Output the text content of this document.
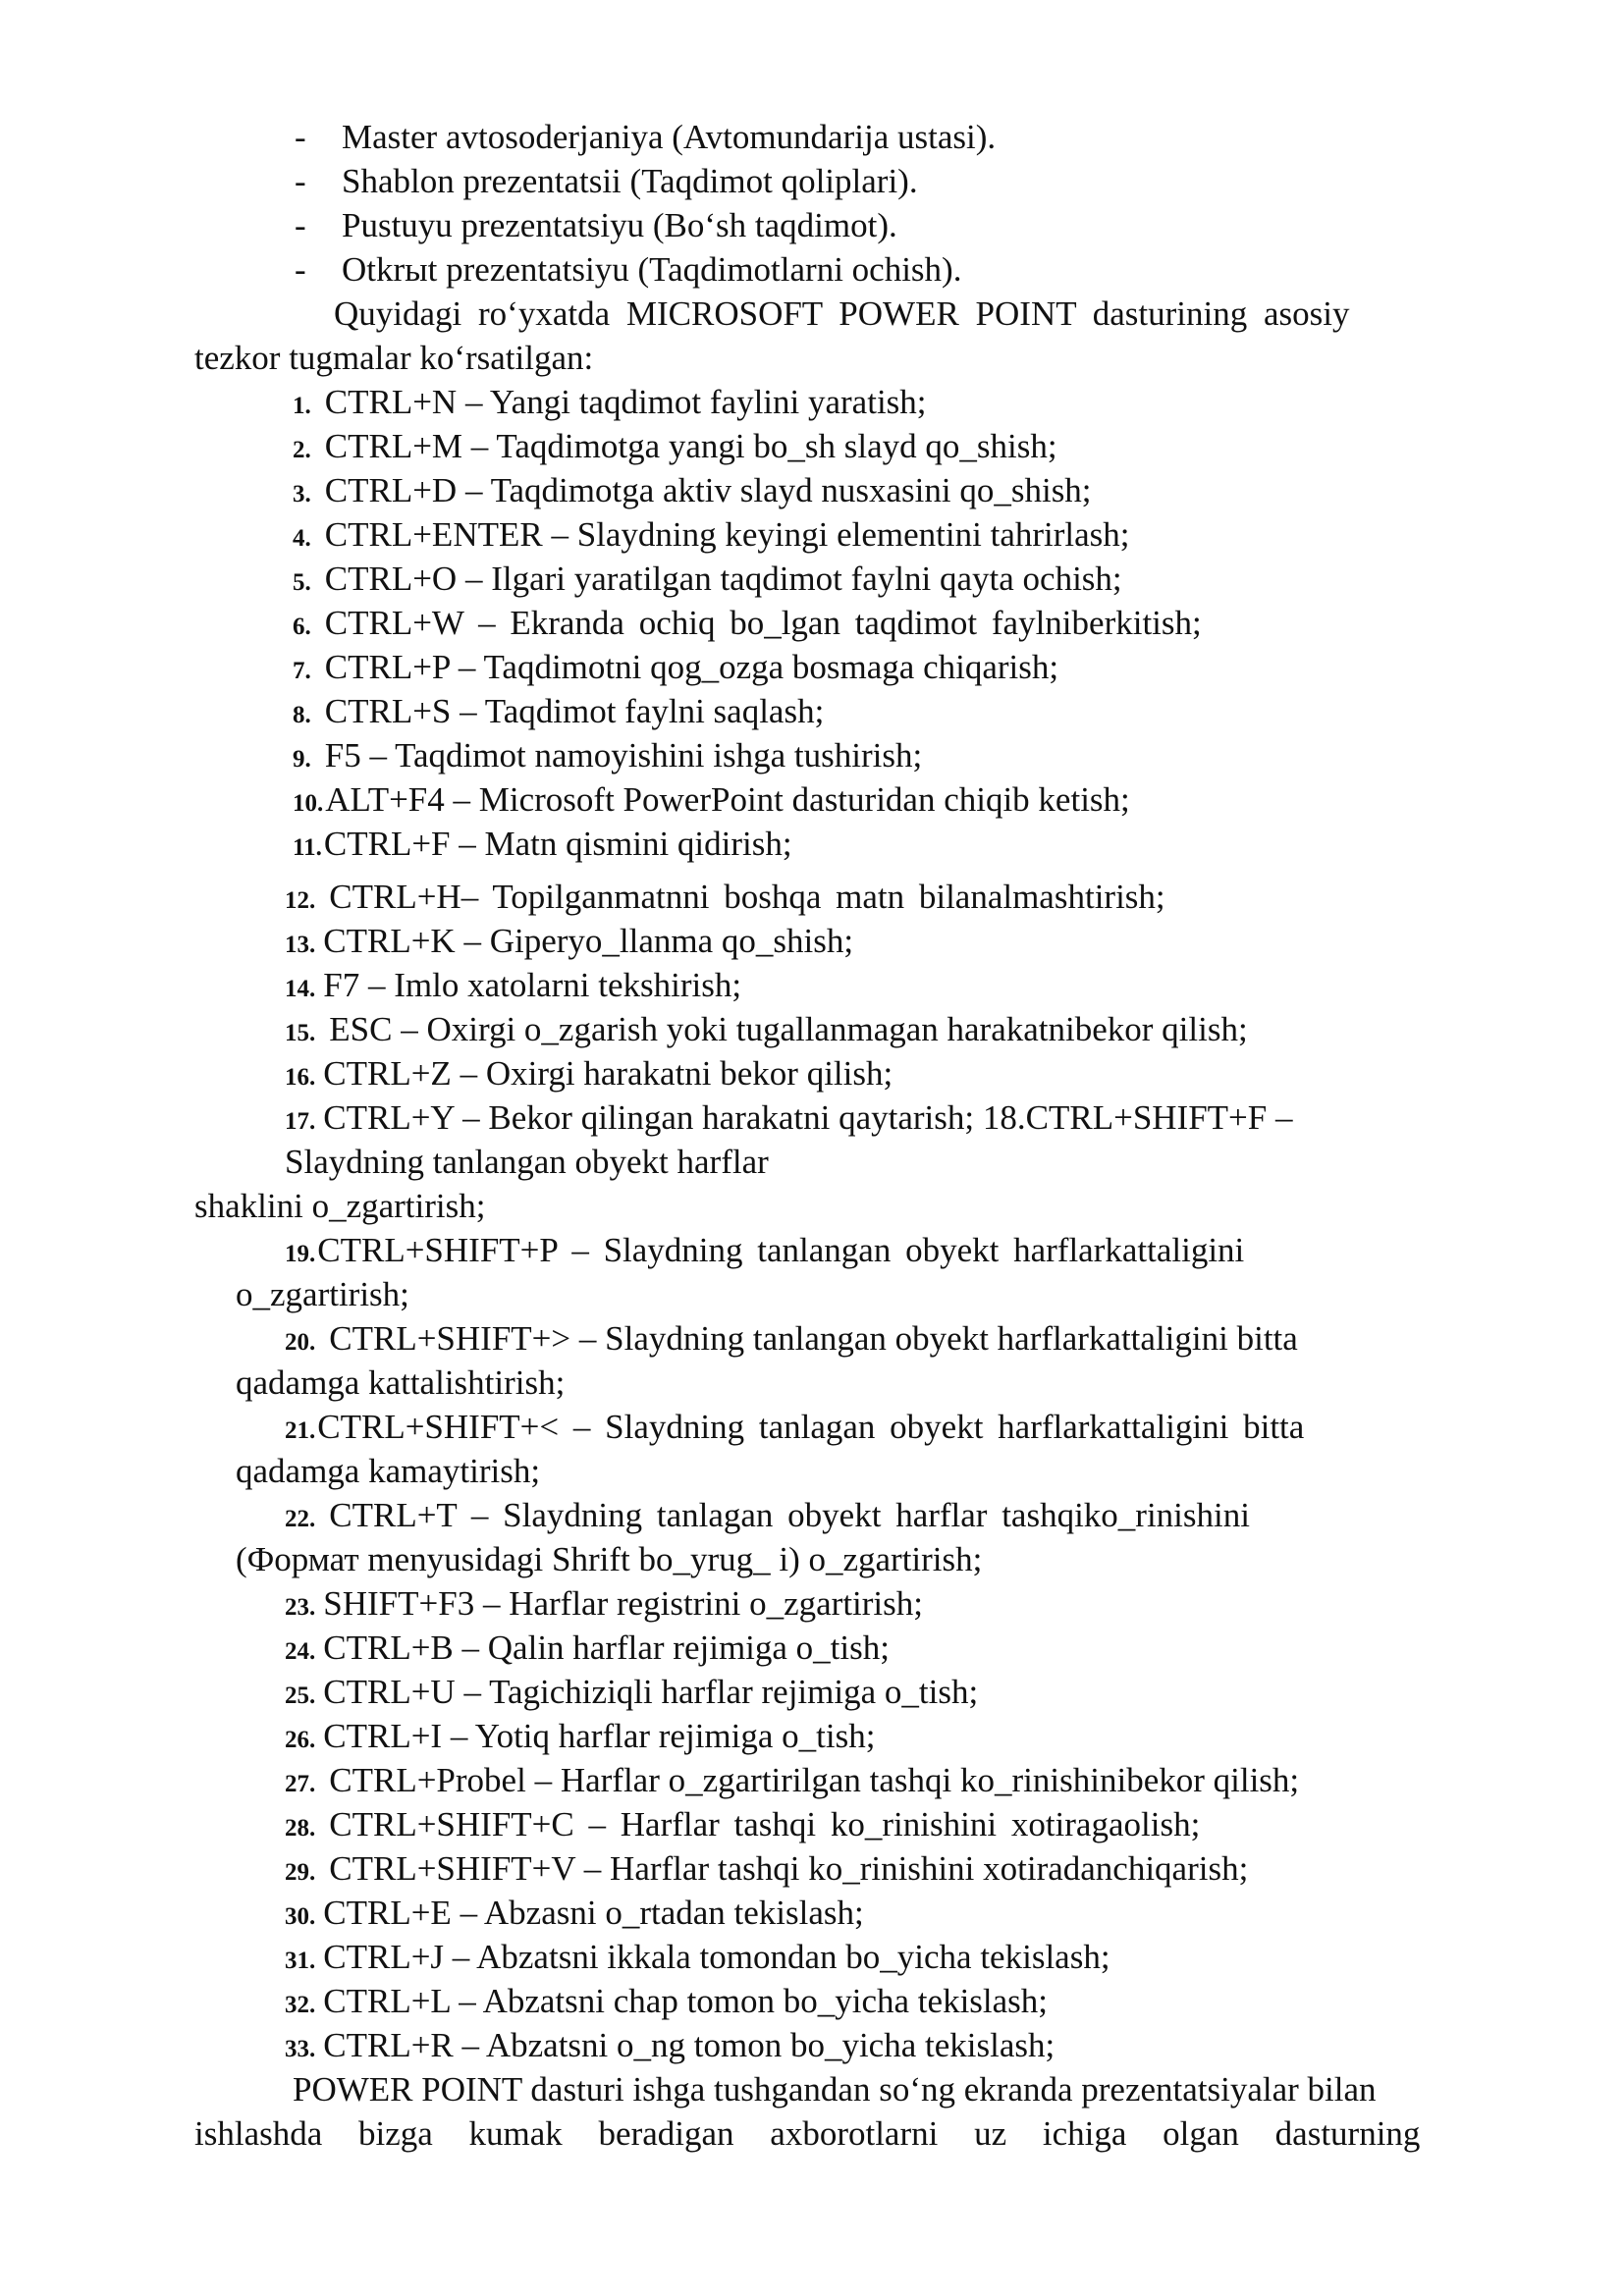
- Master avtosoderjaniya (Avtomundarija ustasi).
- Shablon prezentatsii (Taqdimot qoliplari).
- Pustuyu prezentatsiyu (Bo‘sh taqdimot).
- Otkrыt prezentatsiyu (Taqdimotlarni ochish).
Quyidagi ro‘yxatda MICROSOFT POWER POINT dasturining asosiy
tezkor tugmalar ko‘rsatilgan:
1. CTRL+N – Yangi taqdimot faylini yaratish;
2. CTRL+M – Taqdimotga yangi bo_sh slayd qo_shish;
3. CTRL+D – Taqdimotga aktiv slayd nusxasini qo_shish;
4. CTRL+ENTER – Slaydning keyingi elementini tahrirlash;
5. CTRL+O – Ilgari yaratilgan taqdimot faylni qayta ochish;
6. CTRL+W – Ekranda ochiq bo_lgan taqdimot faylniberkitish;
7. CTRL+P – Taqdimotni qog_ozga bosmaga chiqarish;
8. CTRL+S – Taqdimot faylni saqlash;
9. F5 – Taqdimot namoyishini ishga tushirish;
10.ALT+F4 – Microsoft PowerPoint dasturidan chiqib ketish;
11.CTRL+F – Matn qismini qidirish;
12. CTRL+H– Topilganmatnni boshqa matn bilanalmashtirish;
13. CTRL+K – Giperyo_llanma qo_shish;
14. F7 – Imlo xatolarni tekshirish;
15. ESC – Oxirgi o_zgarish yoki tugallanmagan harakatnibekor qilish;
16. CTRL+Z – Oxirgi harakatni bekor qilish;
17. CTRL+Y – Bekor qilingan harakatni qaytarish; 18.CTRL+SHIFT+F –
Slaydning tanlangan obyekt harflar
shaklini o_zgartirish;
19.CTRL+SHIFT+P – Slaydning tanlangan obyekt harflarkattaligini
o_zgartirish;
20. CTRL+SHIFT+> – Slaydning tanlangan obyekt harflarkattaligini bitta
qadamga kattalishtirish;
21.CTRL+SHIFT+< – Slaydning tanlagan obyekt harflarkattaligini bitta
qadamga kamaytirish;
22. CTRL+T – Slaydning tanlagan obyekt harflar tashqiko_rinishini
(Формат menyusidagi Shrift bo_yrug_ i) o_zgartirish;
23. SHIFT+F3 – Harflar registrini o_zgartirish;
24. CTRL+B – Qalin harflar rejimiga o_tish;
25. CTRL+U – Tagichiziqli harflar rejimiga o_tish;
26. CTRL+I – Yotiq harflar rejimiga o_tish;
27. CTRL+Probel – Harflar o_zgartirilgan tashqi ko_rinishinibekor qilish;
28. CTRL+SHIFT+C – Harflar tashqi ko_rinishini xotiragaolish;
29. CTRL+SHIFT+V – Harflar tashqi ko_rinishini xotiradanchiqarish;
30. CTRL+E – Abzasni o_rtadan tekislash;
31. CTRL+J – Abzatsni ikkala tomondan bo_yicha tekislash;
32. CTRL+L – Abzatsni chap tomon bo_yicha tekislash;
33. CTRL+R – Abzatsni o_ng tomon bo_yicha tekislash;
POWER POINT dasturi ishga tushgandan so‘ng ekranda prezentatsiyalar bilan
ishlashda bizga kumak beradigan axborotlarni uz ichiga olgan dasturning
